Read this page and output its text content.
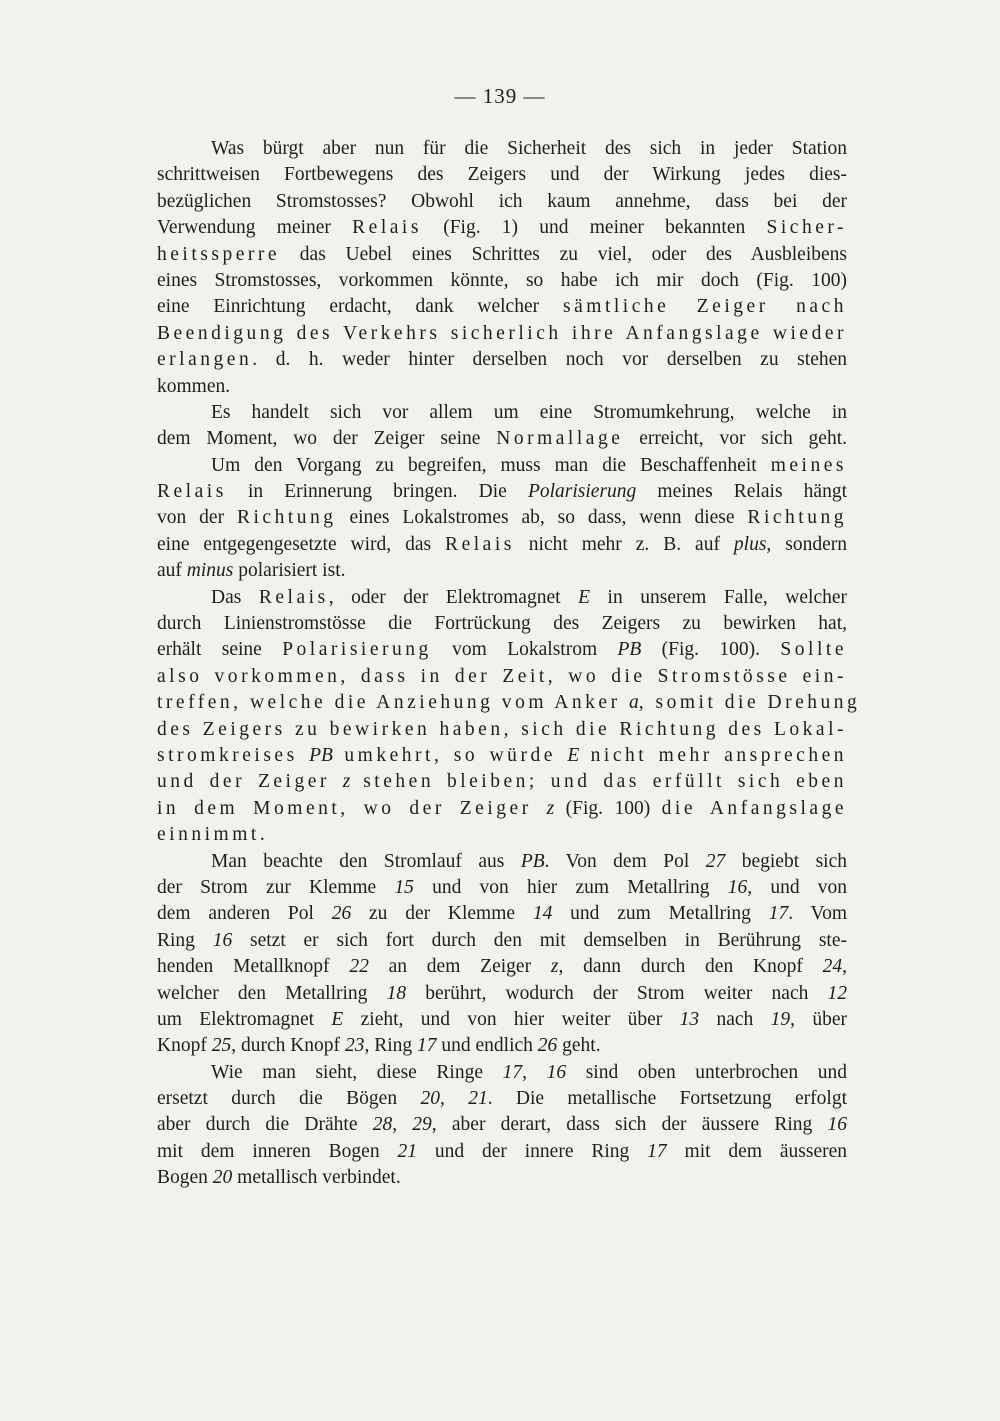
— 139 —
Was bürgt aber nun für die Sicherheit des sich in jeder Station
schrittweisen Fortbewegens des Zeigers und der Wirkung jedes dies-
bezüglichen Stromstosses? Obwohl ich kaum annehme, dass bei der
Verwendung meiner Relais (Fig. 1) und meiner bekannten Sicher-
heitssperre das Uebel eines Schrittes zu viel, oder des Ausbleibens
eines Stromstosses, vorkommen könnte, so habe ich mir doch (Fig. 100)
eine Einrichtung erdacht, dank welcher sämtliche Zeiger nach
Beendigung des Verkehrs sicherlich ihre Anfangslage wieder
erlangen. d. h. weder hinter derselben noch vor derselben zu stehen
kommen.
Es handelt sich vor allem um eine Stromumkehrung, welche in
dem Moment, wo der Zeiger seine Normallage erreicht, vor sich geht.
Um den Vorgang zu begreifen, muss man die Beschaffenheit meines
Relais in Erinnerung bringen. Die Polarisierung meines Relais hängt
von der Richtung eines Lokalstromes ab, so dass, wenn diese Richtung
eine entgegengesetzte wird, das Relais nicht mehr z. B. auf plus, sondern
auf minus polarisiert ist.
Das Relais, oder der Elektromagnet E in unserem Falle, welcher
durch Linienstromstösse die Fortrückung des Zeigers zu bewirken hat,
erhält seine Polarisierung vom Lokalstrom PB (Fig. 100). Sollte
also vorkommen, dass in der Zeit, wo die Stromstösse ein-
treffen, welche die Anziehung vom Anker a, somit die Drehung
des Zeigers zu bewirken haben, sich die Richtung des Lokal-
stromkreises PB umkehrt, so würde E nicht mehr ansprechen
und der Zeiger z stehen bleiben; und das erfüllt sich eben
in dem Moment, wo der Zeiger z (Fig. 100) die Anfangslage
einnimmt.
Man beachte den Stromlauf aus PB. Von dem Pol 27 begiebt sich
der Strom zur Klemme 15 und von hier zum Metallring 16, und von
dem anderen Pol 26 zu der Klemme 14 und zum Metallring 17. Vom
Ring 16 setzt er sich fort durch den mit demselben in Berührung ste-
henden Metallknopf 22 an dem Zeiger z, dann durch den Knopf 24,
welcher den Metallring 18 berührt, wodurch der Strom weiter nach 12
um Elektromagnet E zieht, und von hier weiter über 13 nach 19, über
Knopf 25, durch Knopf 23, Ring 17 und endlich 26 geht.
Wie man sieht, diese Ringe 17, 16 sind oben unterbrochen und
ersetzt durch die Bögen 20, 21. Die metallische Fortsetzung erfolgt
aber durch die Drähte 28, 29, aber derart, dass sich der äussere Ring 16
mit dem inneren Bogen 21 und der innere Ring 17 mit dem äusseren
Bogen 20 metallisch verbindet.
